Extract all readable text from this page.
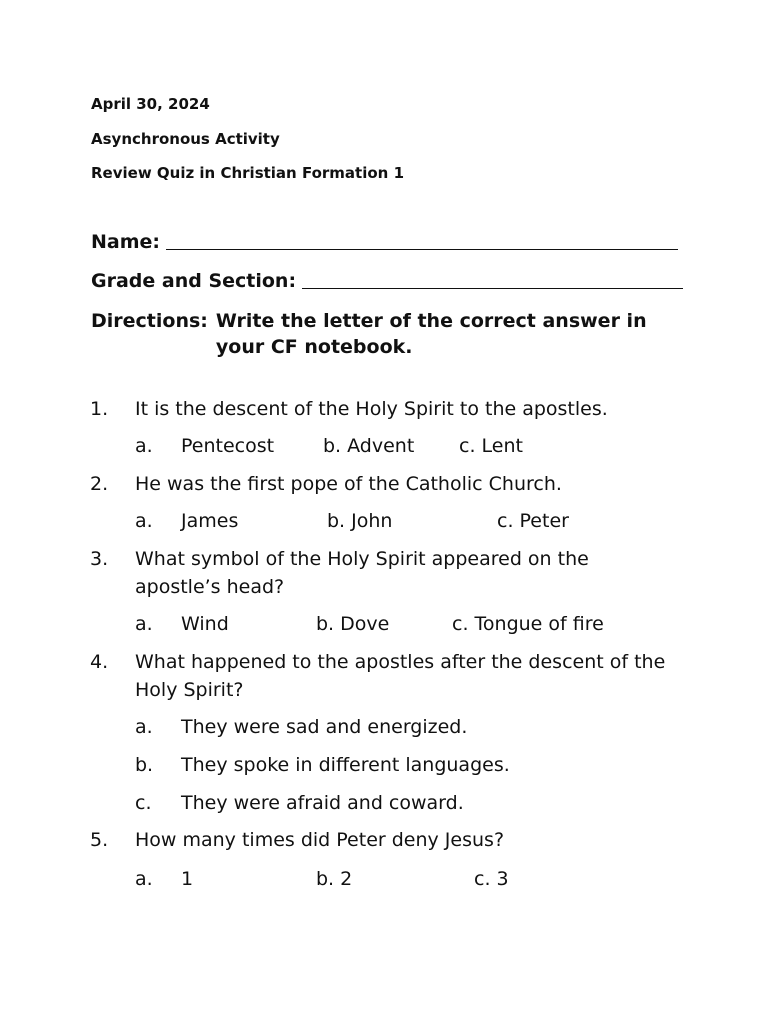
April 30, 2024
Asynchronous Activity
Review Quiz in Christian Formation 1
Name:
Grade and Section:
Directions: Write the letter of the correct answer in your CF notebook.
1. It is the descent of the Holy Spirit to the apostles.
a. Pentecost	b. Advent c. Lent
2. He was the first pope of the Catholic Church.
a. James	b. John	c. Peter
3. What symbol of the Holy Spirit appeared on the apostle’s head?
a. Wind	b. Dove	c. Tongue of fire
4. What happened to the apostles after the descent of the Holy Spirit?
a. They were sad and energized.
b. They spoke in different languages.
c. They were afraid and coward.
5. How many times did Peter deny Jesus?
a. 1	b. 2	c. 3
